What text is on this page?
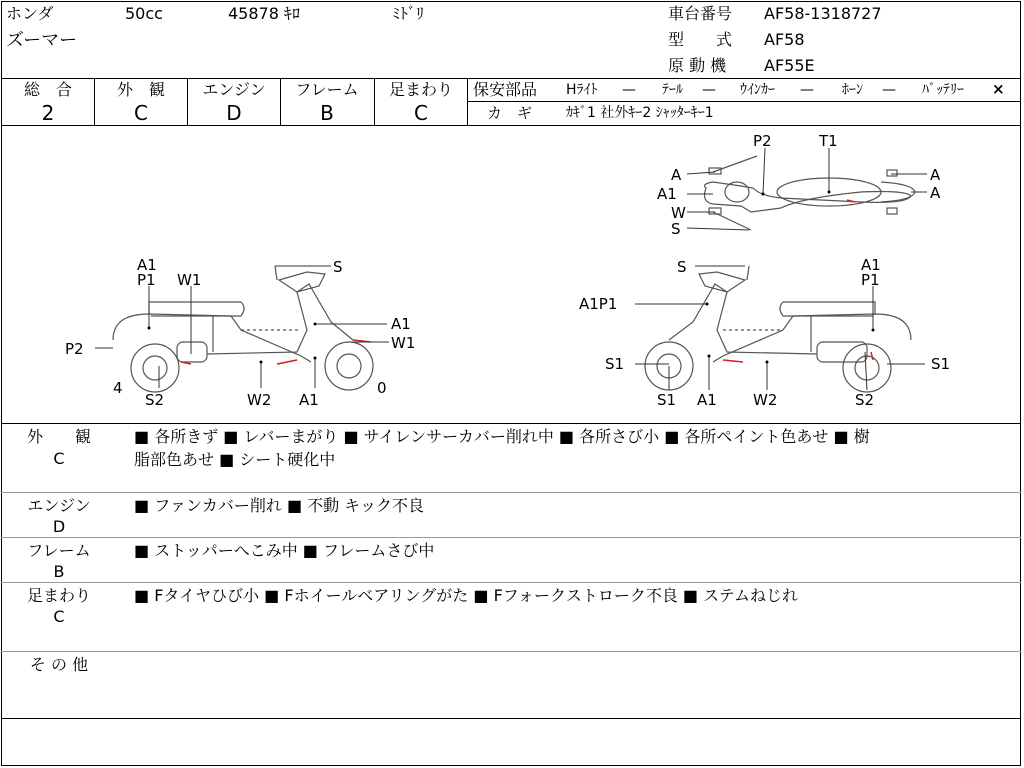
ホンダ	50cc	45878 ｷﾛ	ﾐﾄﾞﾘ
ズーマー
車台番号 AF58-1318727
型　　式 AF58
原 動 機 AF55E
総　合	外　観	エンジン	フレーム	足まわり
2	C	D	B	C
保安部品 Hﾗｲﾄ — ﾃｰﾙ — ｳｲﾝｶｰ — ﾎｰﾝ — ﾊﾞｯﾃﾘｰ ×
カ　ギ ｶｷﾞ1 社外ｷｰ2 ｼｬｯﾀｰｷｰ1
P2	T1
A
A1
W
S
A
A
A1
P1 W1
S
A1
W1
P2
4
S2	W2 A1
0
S	A1
P1
A1P1
S1	S1
S1 A1 W2	S2
外　　観
C
■ 各所きず ■ レバーまがり ■ サイレンサーカバー削れ中 ■ 各所さび小 ■ 各所ペイント色あせ ■ 樹
脂部色あせ ■ シート硬化中
エンジン
D
■ ファンカバー削れ ■ 不動 キック不良
フレーム
B
■ ストッパーへこみ中 ■ フレームさび中
足まわり
C
■ Fタイヤひび小 ■ Fホイールベアリングがた ■ Fフォークストローク不良 ■ ステムねじれ
そ の 他
